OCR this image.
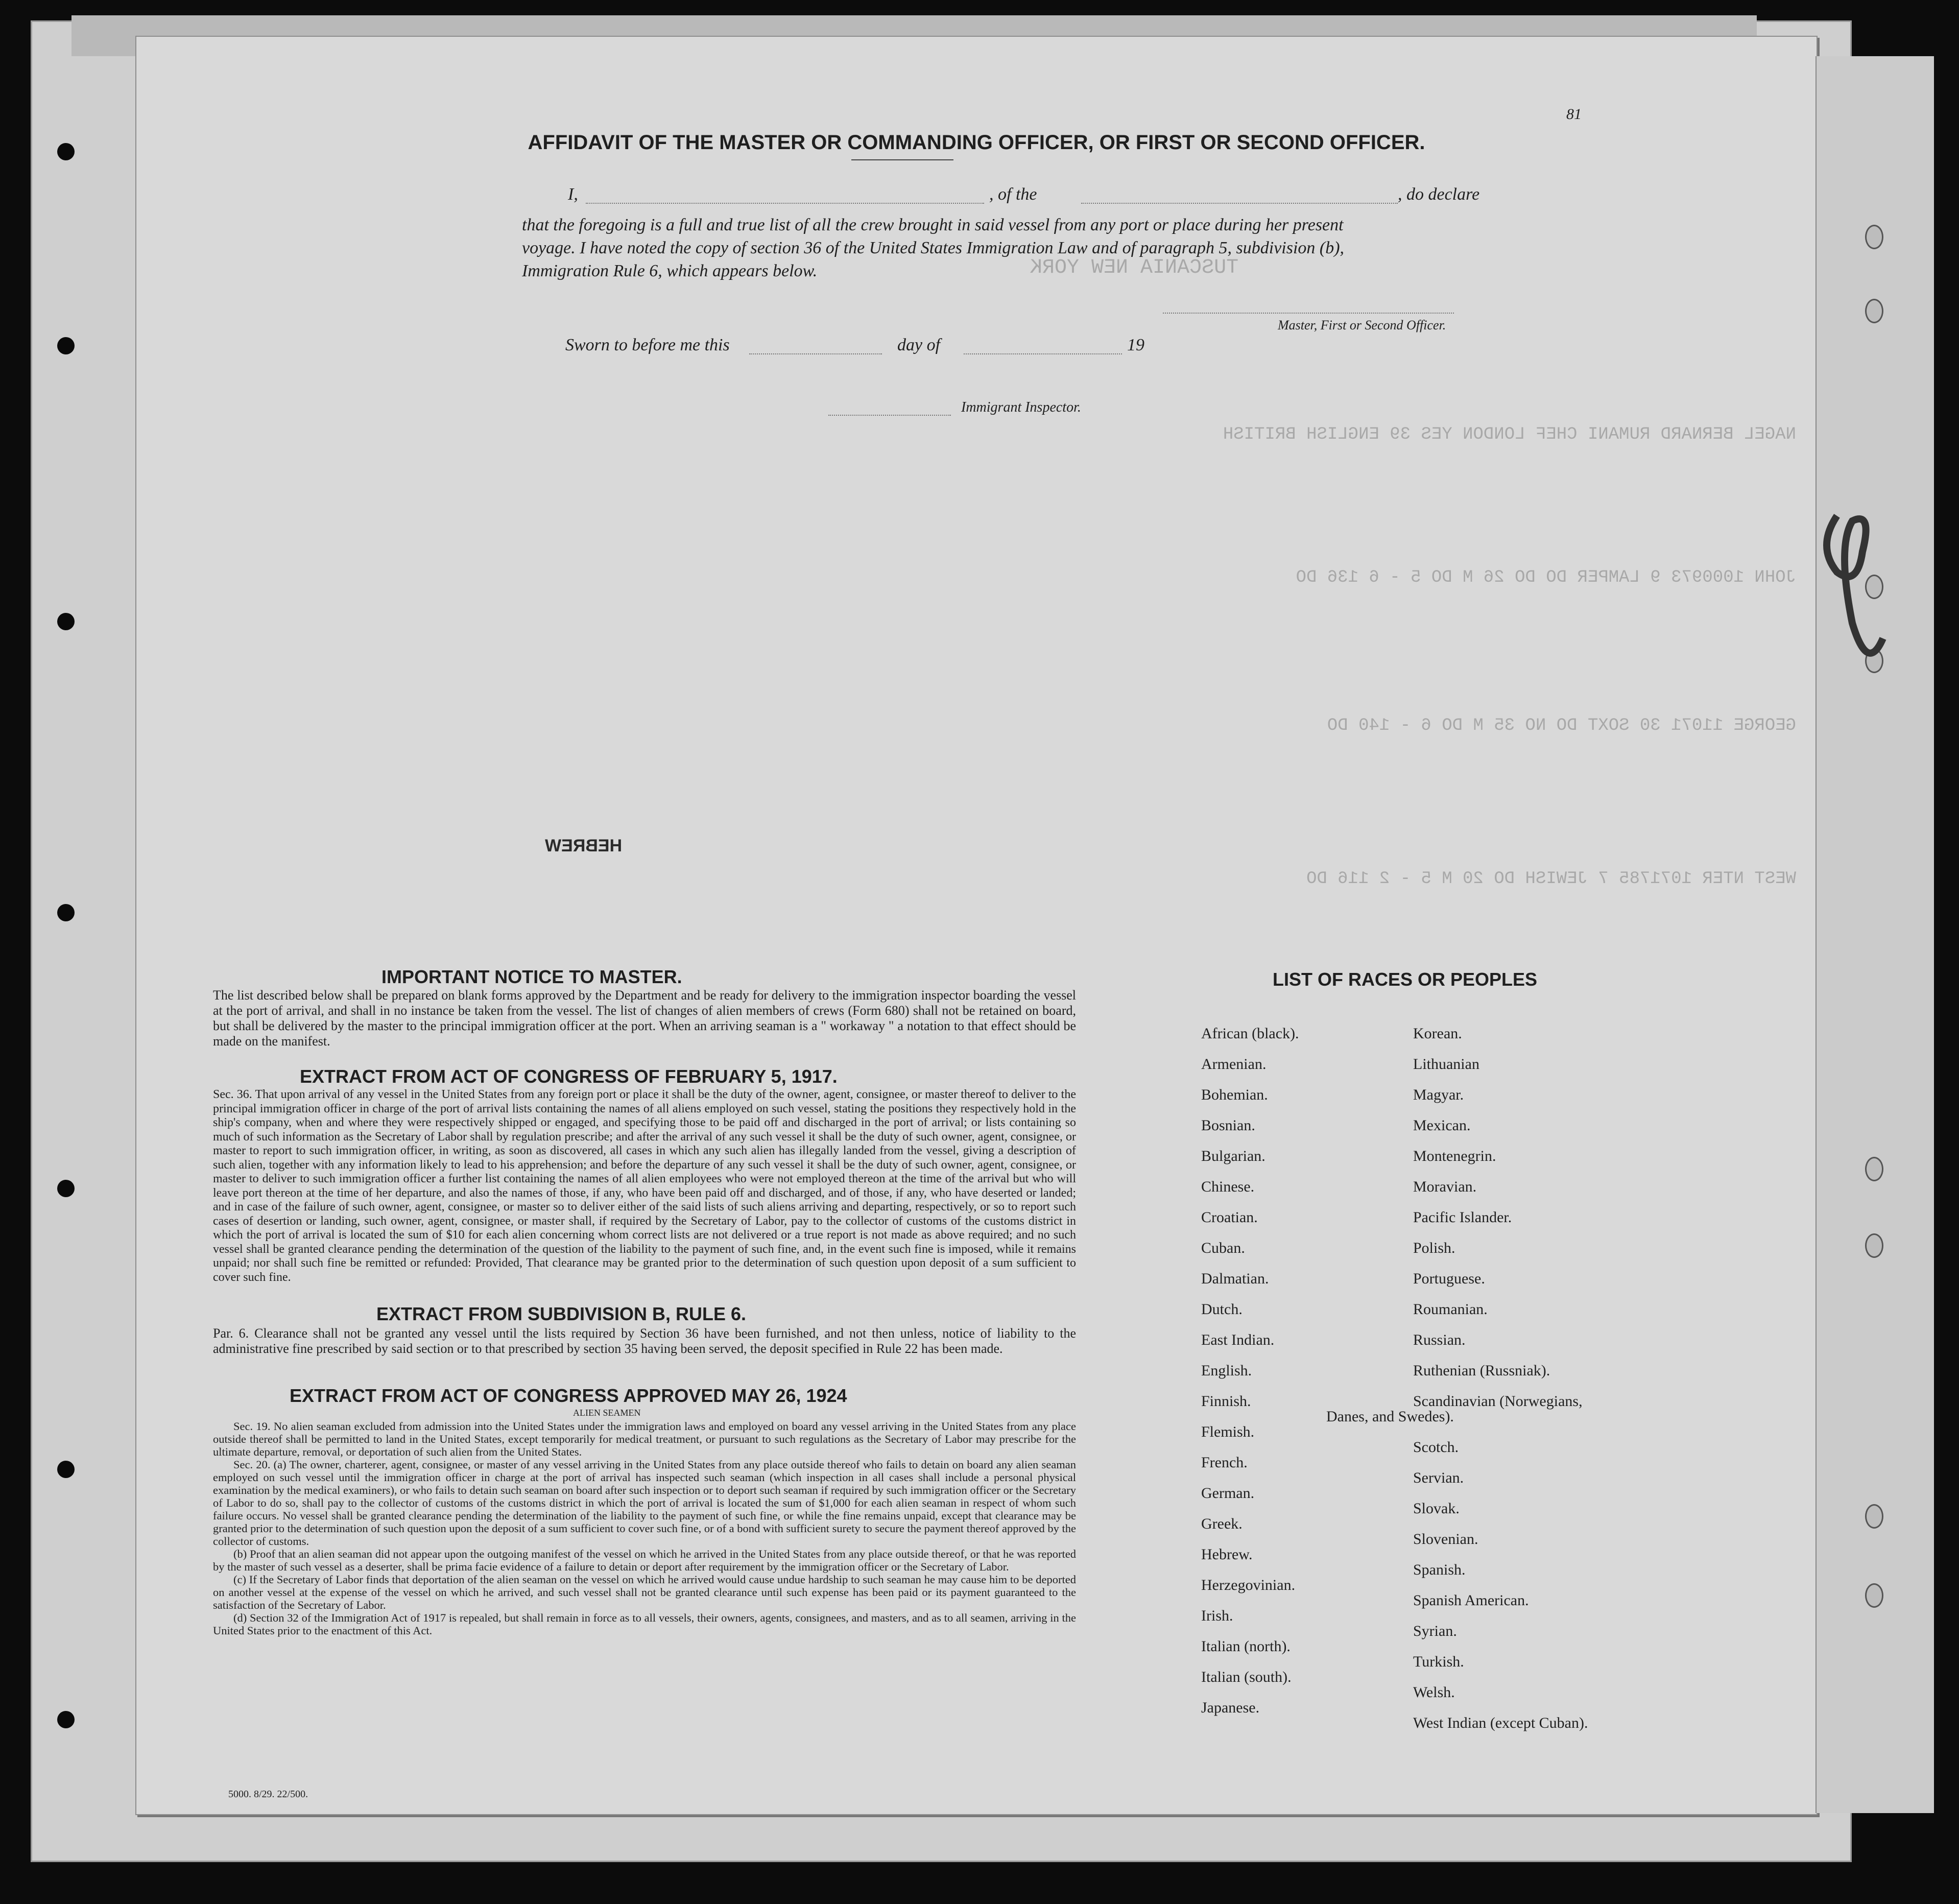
TUSCANIA NEW YORK
NAGEL BERNARD RUMANI CHEF LONDON YES 39 ENGLISH BRITISH
JOHN 1000973 9 LAMPER DO DO 26 M DO 5 - 6 136 DO
GEORGE 11071 30 SOXT DO NO 35 M DO 6 - 140 DO
WEST NTER 1071785 7 JEWISH DO 20 M 5 - 2 116 DO
AFFIDAVIT OF THE MASTER OR COMMANDING OFFICER, OR FIRST OR SECOND OFFICER.
I,	, of the	, do declare
that the foregoing is a full and true list of all the crew brought in said vessel from any port or place during her present
voyage. I have noted the copy of section 36 of the United States Immigration Law and of paragraph 5, subdivision (b),
Immigration Rule 6, which appears below.
Master, First or Second Officer.
Sworn to before me this	day of	19
Immigrant Inspector.
HEBREW
IMPORTANT NOTICE TO MASTER.
The list described below shall be prepared on blank forms approved by the Department and be ready for delivery to the immigration inspector boarding the vessel at the port of arrival, and shall in no instance be taken from the vessel. The list of changes of alien members of crews (Form 680) shall not be retained on board, but shall be delivered by the master to the principal immigration officer at the port. When an arriving seaman is a " workaway " a notation to that effect should be made on the manifest.
EXTRACT FROM ACT OF CONGRESS OF FEBRUARY 5, 1917.
Sec. 36. That upon arrival of any vessel in the United States from any foreign port or place it shall be the duty of the owner, agent, consignee, or master thereof to deliver to the principal immigration officer in charge of the port of arrival lists containing the names of all aliens employed on such vessel, stating the positions they respectively hold in the ship's company, when and where they were respectively shipped or engaged, and specifying those to be paid off and discharged in the port of arrival; or lists containing so much of such information as the Secretary of Labor shall by regulation prescribe; and after the arrival of any such vessel it shall be the duty of such owner, agent, consignee, or master to report to such immigration officer, in writing, as soon as discovered, all cases in which any such alien has illegally landed from the vessel, giving a description of such alien, together with any information likely to lead to his apprehension; and before the departure of any such vessel it shall be the duty of such owner, agent, consignee, or master to deliver to such immigration officer a further list containing the names of all alien employees who were not employed thereon at the time of the arrival but who will leave port thereon at the time of her departure, and also the names of those, if any, who have been paid off and discharged, and of those, if any, who have deserted or landed; and in case of the failure of such owner, agent, consignee, or master so to deliver either of the said lists of such aliens arriving and departing, respectively, or so to report such cases of desertion or landing, such owner, agent, consignee, or master shall, if required by the Secretary of Labor, pay to the collector of customs of the customs district in which the port of arrival is located the sum of $10 for each alien concerning whom correct lists are not delivered or a true report is not made as above required; and no such vessel shall be granted clearance pending the determination of the question of the liability to the payment of such fine, and, in the event such fine is imposed, while it remains unpaid; nor shall such fine be remitted or refunded: Provided, That clearance may be granted prior to the determination of such question upon deposit of a sum sufficient to cover such fine.
EXTRACT FROM SUBDIVISION B, RULE 6.
Par. 6. Clearance shall not be granted any vessel until the lists required by Section 36 have been furnished, and not then unless, notice of liability to the administrative fine prescribed by said section or to that prescribed by section 35 having been served, the deposit specified in Rule 22 has been made.
EXTRACT FROM ACT OF CONGRESS APPROVED MAY 26, 1924
ALIEN SEAMEN
Sec. 19. No alien seaman excluded from admission into the United States under the immigration laws and employed on board any vessel arriving in the United States from any place outside thereof shall be permitted to land in the United States, except temporarily for medical treatment, or pursuant to such regulations as the Secretary of Labor may prescribe for the ultimate departure, removal, or deportation of such alien from the United States.
Sec. 20. (a) The owner, charterer, agent, consignee, or master of any vessel arriving in the United States from any place outside thereof who fails to detain on board any alien seaman employed on such vessel until the immigration officer in charge at the port of arrival has inspected such seaman (which inspection in all cases shall include a personal physical examination by the medical examiners), or who fails to detain such seaman on board after such inspection or to deport such seaman if required by such immigration officer or the Secretary of Labor to do so, shall pay to the collector of customs of the customs district in which the port of arrival is located the sum of $1,000 for each alien seaman in respect of whom such failure occurs. No vessel shall be granted clearance pending the determination of the liability to the payment of such fine, or while the fine remains unpaid, except that clearance may be granted prior to the determination of such question upon the deposit of a sum sufficient to cover such fine, or of a bond with sufficient surety to secure the payment thereof approved by the collector of customs.
(b) Proof that an alien seaman did not appear upon the outgoing manifest of the vessel on which he arrived in the United States from any place outside thereof, or that he was reported by the master of such vessel as a deserter, shall be prima facie evidence of a failure to detain or deport after requirement by the immigration officer or the Secretary of Labor.
(c) If the Secretary of Labor finds that deportation of the alien seaman on the vessel on which he arrived would cause undue hardship to such seaman he may cause him to be deported on another vessel at the expense of the vessel on which he arrived, and such vessel shall not be granted clearance until such expense has been paid or its payment guaranteed to the satisfaction of the Secretary of Labor.
(d) Section 32 of the Immigration Act of 1917 is repealed, but shall remain in force as to all vessels, their owners, agents, consignees, and masters, and as to all seamen, arriving in the United States prior to the enactment of this Act.
LIST OF RACES OR PEOPLES
African (black).
Armenian.
Bohemian.
Bosnian.
Bulgarian.
Chinese.
Croatian.
Cuban.
Dalmatian.
Dutch.
East Indian.
English.
Finnish.
Flemish.
French.
German.
Greek.
Hebrew.
Herzegovinian.
Irish.
Italian (north).
Italian (south).
Japanese.
Korean.
Lithuanian
Magyar.
Mexican.
Montenegrin.
Moravian.
Pacific Islander.
Polish.
Portuguese.
Roumanian.
Russian.
Ruthenian (Russniak).
Scandinavian (Norwegians,
Danes, and Swedes).
Scotch.
Servian.
Slovak.
Slovenian.
Spanish.
Spanish American.
Syrian.
Turkish.
Welsh.
West Indian (except Cuban).
5000. 8/29. 22/500.
81
